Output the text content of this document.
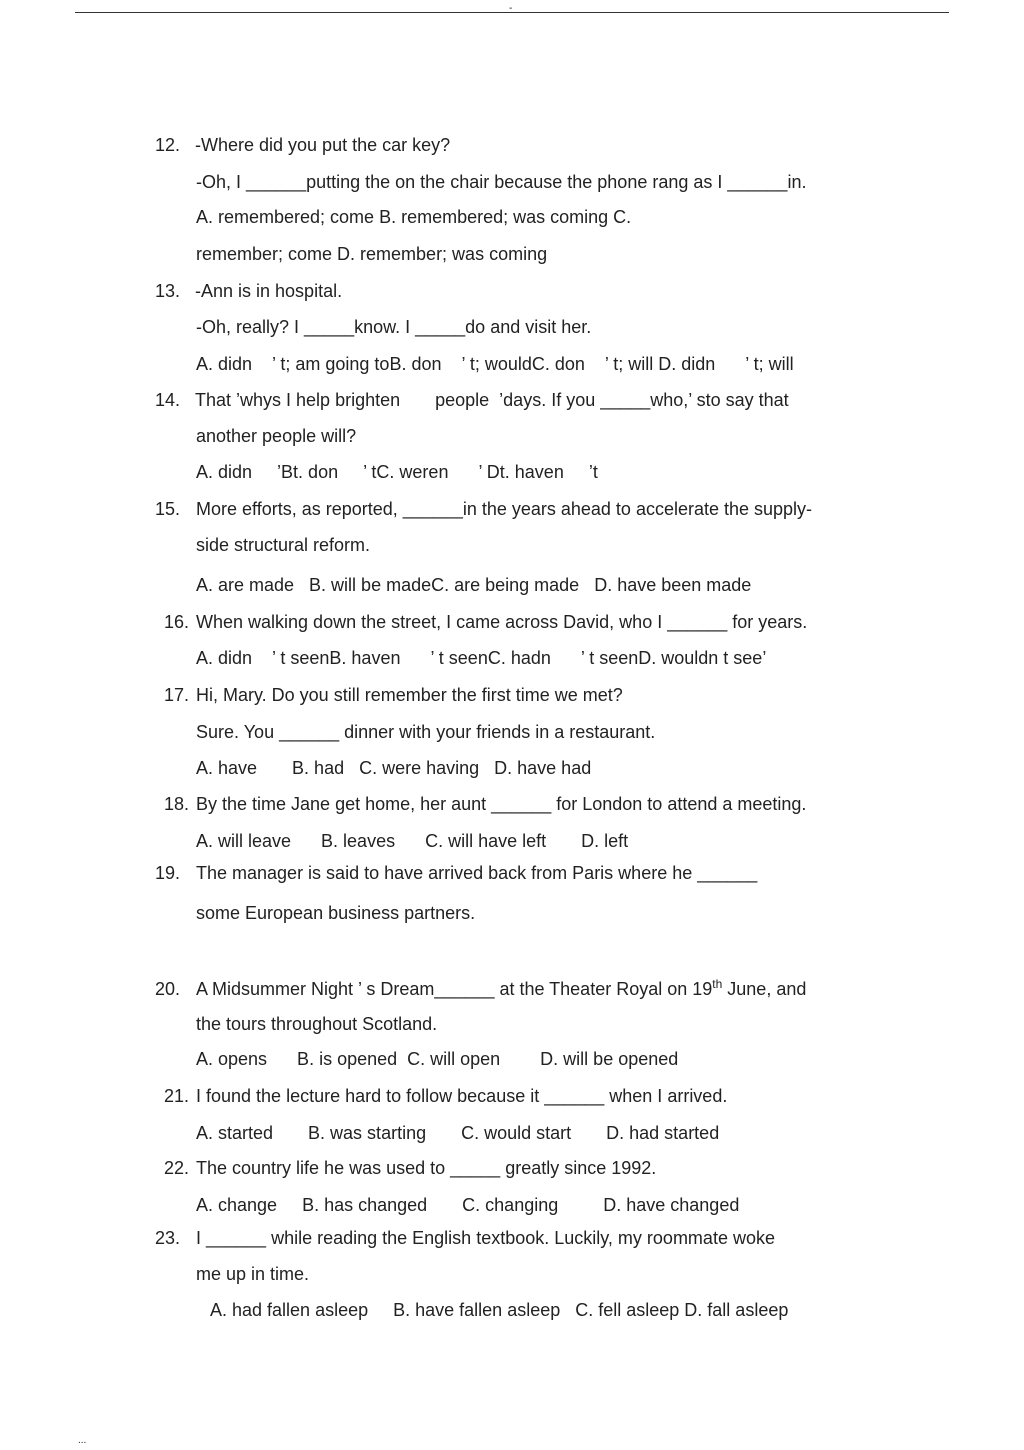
-
12. -Where did you put the car key?
-Oh, I ______putting the on the chair because the phone rang as I ______in.
A. remembered; come B. remembered; was coming C.
remember; come D. remember; was coming
13. -Ann is in hospital.
-Oh, really? I _____know. I _____do and visit her.
A. didn    ’ t; am going toB. don    ’ t; wouldC. don    ’ t; will D. didn      ’ t; will
14. That ’whys I help brighten       people  ’days. If you _____who,’ sto say that
another people will?
A. didn     ’Bt. don     ’ tC. weren      ’ Dt. haven     ’t
15. More efforts, as reported, ______in the years ahead to accelerate the supply-
side structural reform.
A. are made   B. will be madeC. are being made   D. have been made
16. When walking down the street, I came across David, who I ______ for years.
A. didn    ’ t seenB. haven      ’ t seenC. hadn      ’ t seenD. wouldn t see’
17. Hi, Mary. Do you still remember the first time we met?
Sure. You ______ dinner with your friends in a restaurant.
A. have       B. had   C. were having   D. have had
18. By the time Jane get home, her aunt ______ for London to attend a meeting.
A. will leave      B. leaves      C. will have left       D. left
19. The manager is said to have arrived back from Paris where he ______
some European business partners.
20. A Midsummer Night ’ s Dream______ at the Theater Royal on 19th June, and
the tours throughout Scotland.
A. opens      B. is opened  C. will open        D. will be opened
21. I found the lecture hard to follow because it ______ when I arrived.
A. started       B. was starting       C. would start       D. had started
22. The country life he was used to _____ greatly since 1992.
A. change     B. has changed       C. changing         D. have changed
23. I ______ while reading the English textbook. Luckily, my roommate woke
me up in time.
A. had fallen asleep     B. have fallen asleep   C. fell asleep D. fall asleep
...
